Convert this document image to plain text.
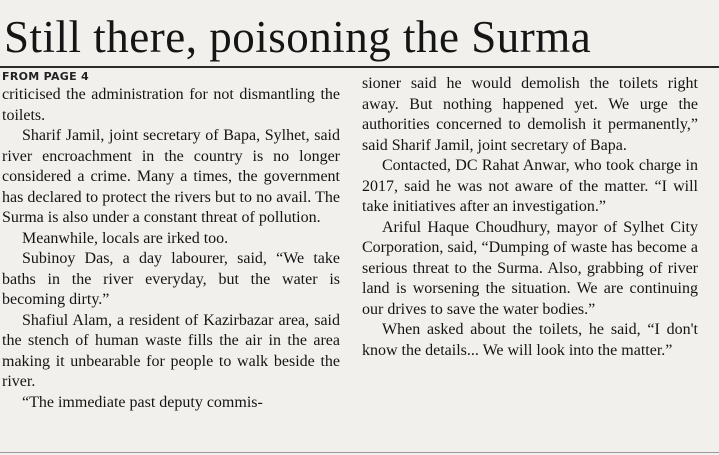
Still there, poisoning the Surma
FROM PAGE 4

criticised the administration for not dismantling the toilets.

Sharif Jamil, joint secretary of Bapa, Sylhet, said river encroachment in the country is no longer considered a crime. Many a times, the government has declared to protect the rivers but to no avail. The Surma is also under a constant threat of pollution.

Meanwhile, locals are irked too.

Subinoy Das, a day labourer, said, “We take baths in the river everyday, but the water is becoming dirty.”

Shafiul Alam, a resident of Kazirbazar area, said the stench of human waste fills the air in the area making it unbearable for people to walk beside the river.

“The immediate past deputy commis-

sioner said he would demolish the toilets right away. But nothing happened yet. We urge the authorities concerned to demolish it permanently,” said Sharif Jamil, joint secretary of Bapa.

Contacted, DC Rahat Anwar, who took charge in 2017, said he was not aware of the matter. “I will take initiatives after an investigation.”

Ariful Haque Choudhury, mayor of Sylhet City Corporation, said, “Dumping of waste has become a serious threat to the Surma. Also, grabbing of river land is worsening the situation. We are continuing our drives to save the water bodies.”

When asked about the toilets, he said, “I don't know the details... We will look into the matter.”
